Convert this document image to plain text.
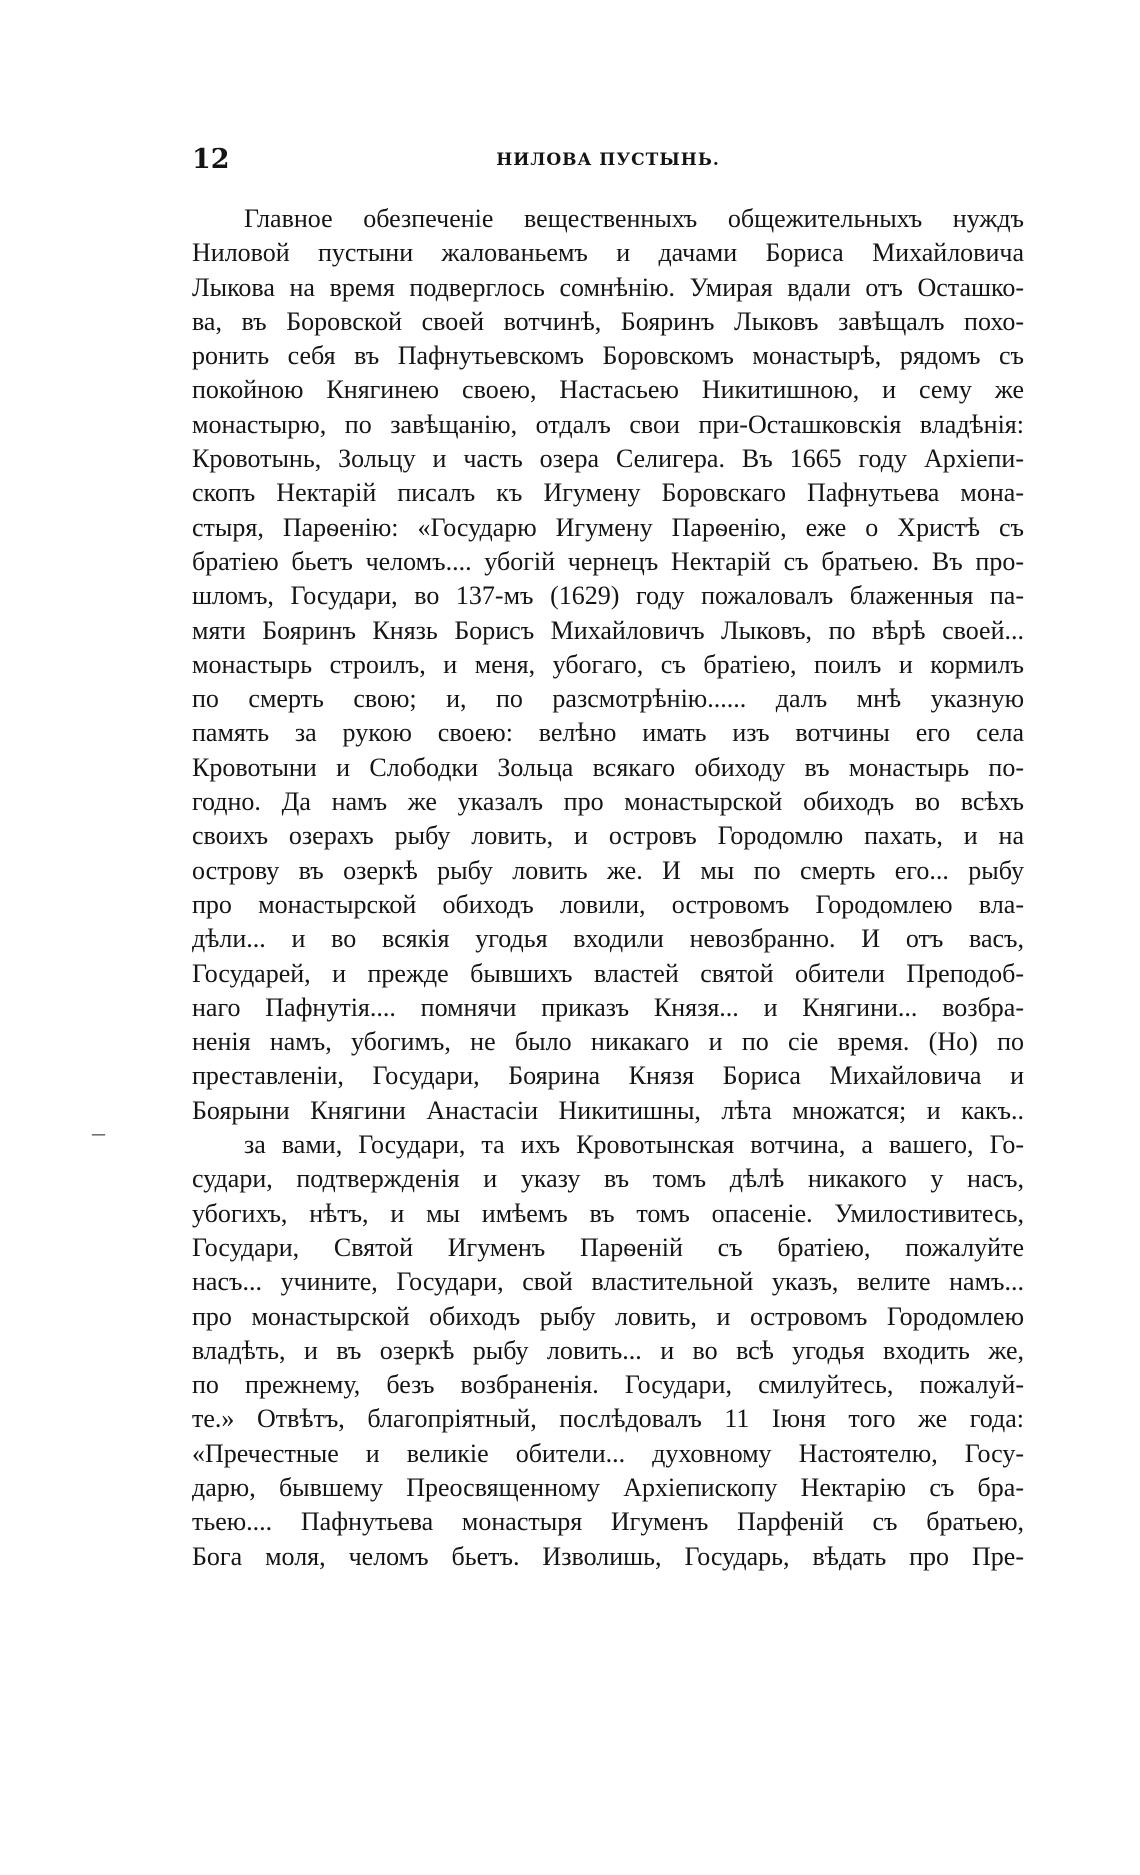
12	НИЛОВА ПУСТЫНЬ.
–
Главное обезпеченіе вещественныхъ общежительныхъ нуждъ
Ниловой пустыни жалованьемъ и дачами Бориса Михайловича
Лыкова на время подверглось сомнѣнію. Умирая вдали отъ Осташко-
ва, въ Боровской своей вотчинѣ, Бояринъ Лыковъ завѣщалъ похо-
ронить себя въ Пафнутьевскомъ Боровскомъ монастырѣ, рядомъ съ
покойною Княгинею своею, Настасьею Никитишною, и сему же
монастырю, по завѣщанію, отдалъ свои при-Осташковскія владѣнія:
Кровотынь, Зольцу и часть озера Селигера. Въ 1665 году Архіепи-
скопъ Нектарій писалъ къ Игумену Боровскаго Пафнутьева мона-
стыря, Парѳенію: «Государю Игумену Парѳенію, еже о Христѣ съ
братіею бьетъ челомъ.... убогій чернецъ Нектарій съ братьею. Въ про-
шломъ, Государи, во 137-мъ (1629) году пожаловалъ блаженныя па-
мяти Бояринъ Князь Борисъ Михайловичъ Лыковъ, по вѣрѣ своей...
монастырь строилъ, и меня, убогаго, съ братіею, поилъ и кормилъ
по смерть свою; и, по разсмотрѣнію...... далъ мнѣ указную
память за рукою своею: велѣно имать изъ вотчины его села
Кровотыни и Слободки Зольца всякаго обиходу въ монастырь по-
годно. Да намъ же указалъ про монастырской обиходъ во всѣхъ
своихъ озерахъ рыбу ловить, и островъ Городомлю пахать, и на
острову въ озеркѣ рыбу ловить же. И мы по смерть его... рыбу
про монастырской обиходъ ловили, островомъ Городомлею вла-
дѣли... и во всякія угодья входили невозбранно. И отъ васъ,
Государей, и прежде бывшихъ властей святой обители Преподоб-
наго Пафнутія.... помнячи приказъ Князя... и Княгини... возбра-
ненія намъ, убогимъ, не было никакаго и по сіе время. (Но) по
преставленіи, Государи, Боярина Князя Бориса Михайловича и
Боярыни Княгини Анастасіи Никитишны, лѣта множатся; и какъ..
за вами, Государи, та ихъ Кровотынская вотчина, а вашего, Го-
судари, подтвержденія и указу въ томъ дѣлѣ никакого у насъ,
убогихъ, нѣтъ, и мы имѣемъ въ томъ опасеніе. Умилостивитесь,
Государи, Святой Игуменъ Парѳеній съ братіею, пожалуйте
насъ... учините, Государи, свой властительной указъ, велите намъ...
про монастырской обиходъ рыбу ловить, и островомъ Городомлею
владѣть, и въ озеркѣ рыбу ловить... и во всѣ угодья входить же,
по прежнему, безъ возбраненія. Государи, смилуйтесь, пожалуй-
те.» Отвѣтъ, благопріятный, послѣдовалъ 11 Іюня того же года:
«Пречестные и великіе обители... духовному Настоятелю, Госу-
дарю, бывшему Преосвященному Архіепископу Нектарію съ бра-
тьею.... Пафнутьева монастыря Игуменъ Парфеній съ братьею,
Бога моля, челомъ бьетъ. Изволишь, Государь, вѣдать про Пре-
